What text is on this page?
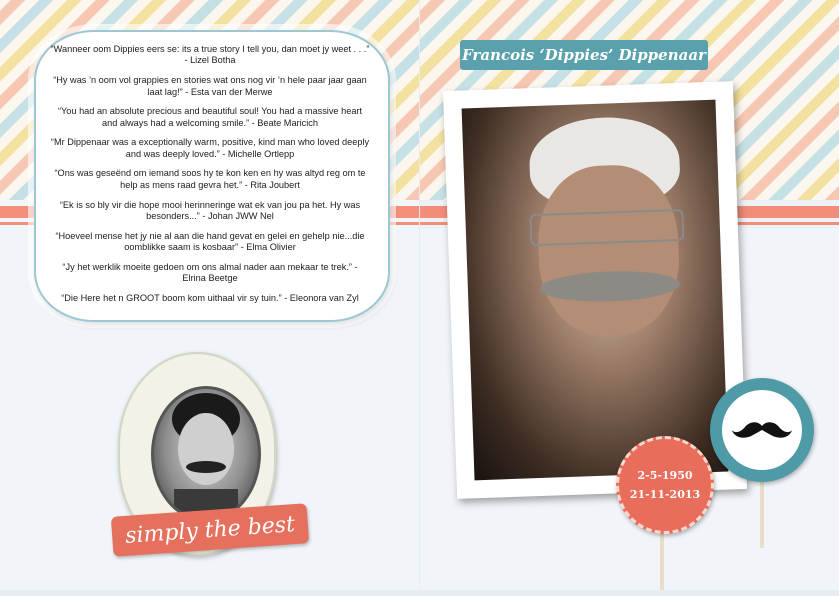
“Wanneer oom Dippies eers se: its a true story I tell you, dan moet jy weet . . .” - Lizel Botha

“Hy was ’n oom vol grappies en stories wat ons nog vir ’n hele paar jaar gaan laat lag!” - Esta van der Merwe

“You had an absolute precious and beautiful soul! You had a massive heart and always had a welcoming smile.” - Beate Maricich

“Mr Dippenaar was a exceptionally warm, positive, kind man who loved deeply and was deeply loved.” - Michelle Ortlepp

“Ons was geseënd om iemand soos hy te kon ken en hy was altyd reg om te help as mens raad gevra het.” - Rita Joubert

“Ek is so bly vir die hope mooi herinneringe wat ek van jou pa het. Hy was besonders...” - Johan JWW Nel

“Hoeveel mense het jy nie al aan die hand gevat en gelei en gehelp nie...die oomblikke saam is kosbaar” - Elma Olivier

“Jy het werklik moeite gedoen om ons almal nader aan mekaar te trek.” - Elrina Beetge

“Die Here het n GROOT boom kom uithaal vir sy tuin.” - Eleonora van Zyl

simply the best
Francois ‘Dippies’ Dippenaar
2-5-1950
21-11-2013
